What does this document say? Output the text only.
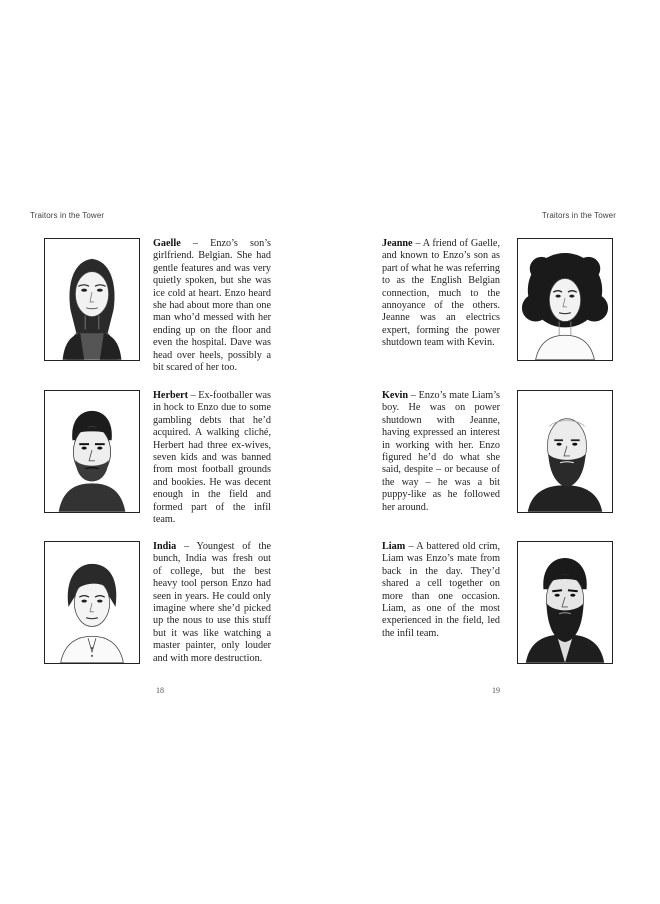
Traitors in the Tower	Traitors in the Tower
Gaelle – Enzo’s son’s girlfriend. Belgian. She had gentle features and was very quietly spoken, but she was ice cold at heart. Enzo heard she had about more than one man who’d messed with her ending up on the floor and even the hospital. Dave was head over heels, possibly a bit scared of her too.
Herbert – Ex-footballer was in hock to Enzo due to some gambling debts that he’d acquired. A walking cliché, Herbert had three ex-wives, seven kids and was banned from most football grounds and bookies. He was decent enough in the field and formed part of the infil team.
India – Youngest of the bunch, India was fresh out of college, but the best heavy tool person Enzo had seen in years. He could only imagine where she’d picked up the nous to use this stuff but it was like watching a master painter, only louder and with more destruction.
18
Jeanne – A friend of Gaelle, and known to Enzo’s son as part of what he was referring to as the English Belgian connection, much to the annoyance of the others. Jeanne was an electrics expert, forming the power shutdown team with Kevin.
Kevin – Enzo’s mate Liam’s boy. He was on power shutdown with Jeanne, having expressed an interest in working with her. Enzo figured he’d do what she said, despite – or because of the way – he was a bit puppy-like as he followed her around.
Liam – A battered old crim, Liam was Enzo’s mate from back in the day. They’d shared a cell together on more than one occasion. Liam, as one of the most experienced in the field, led the infil team.
19
